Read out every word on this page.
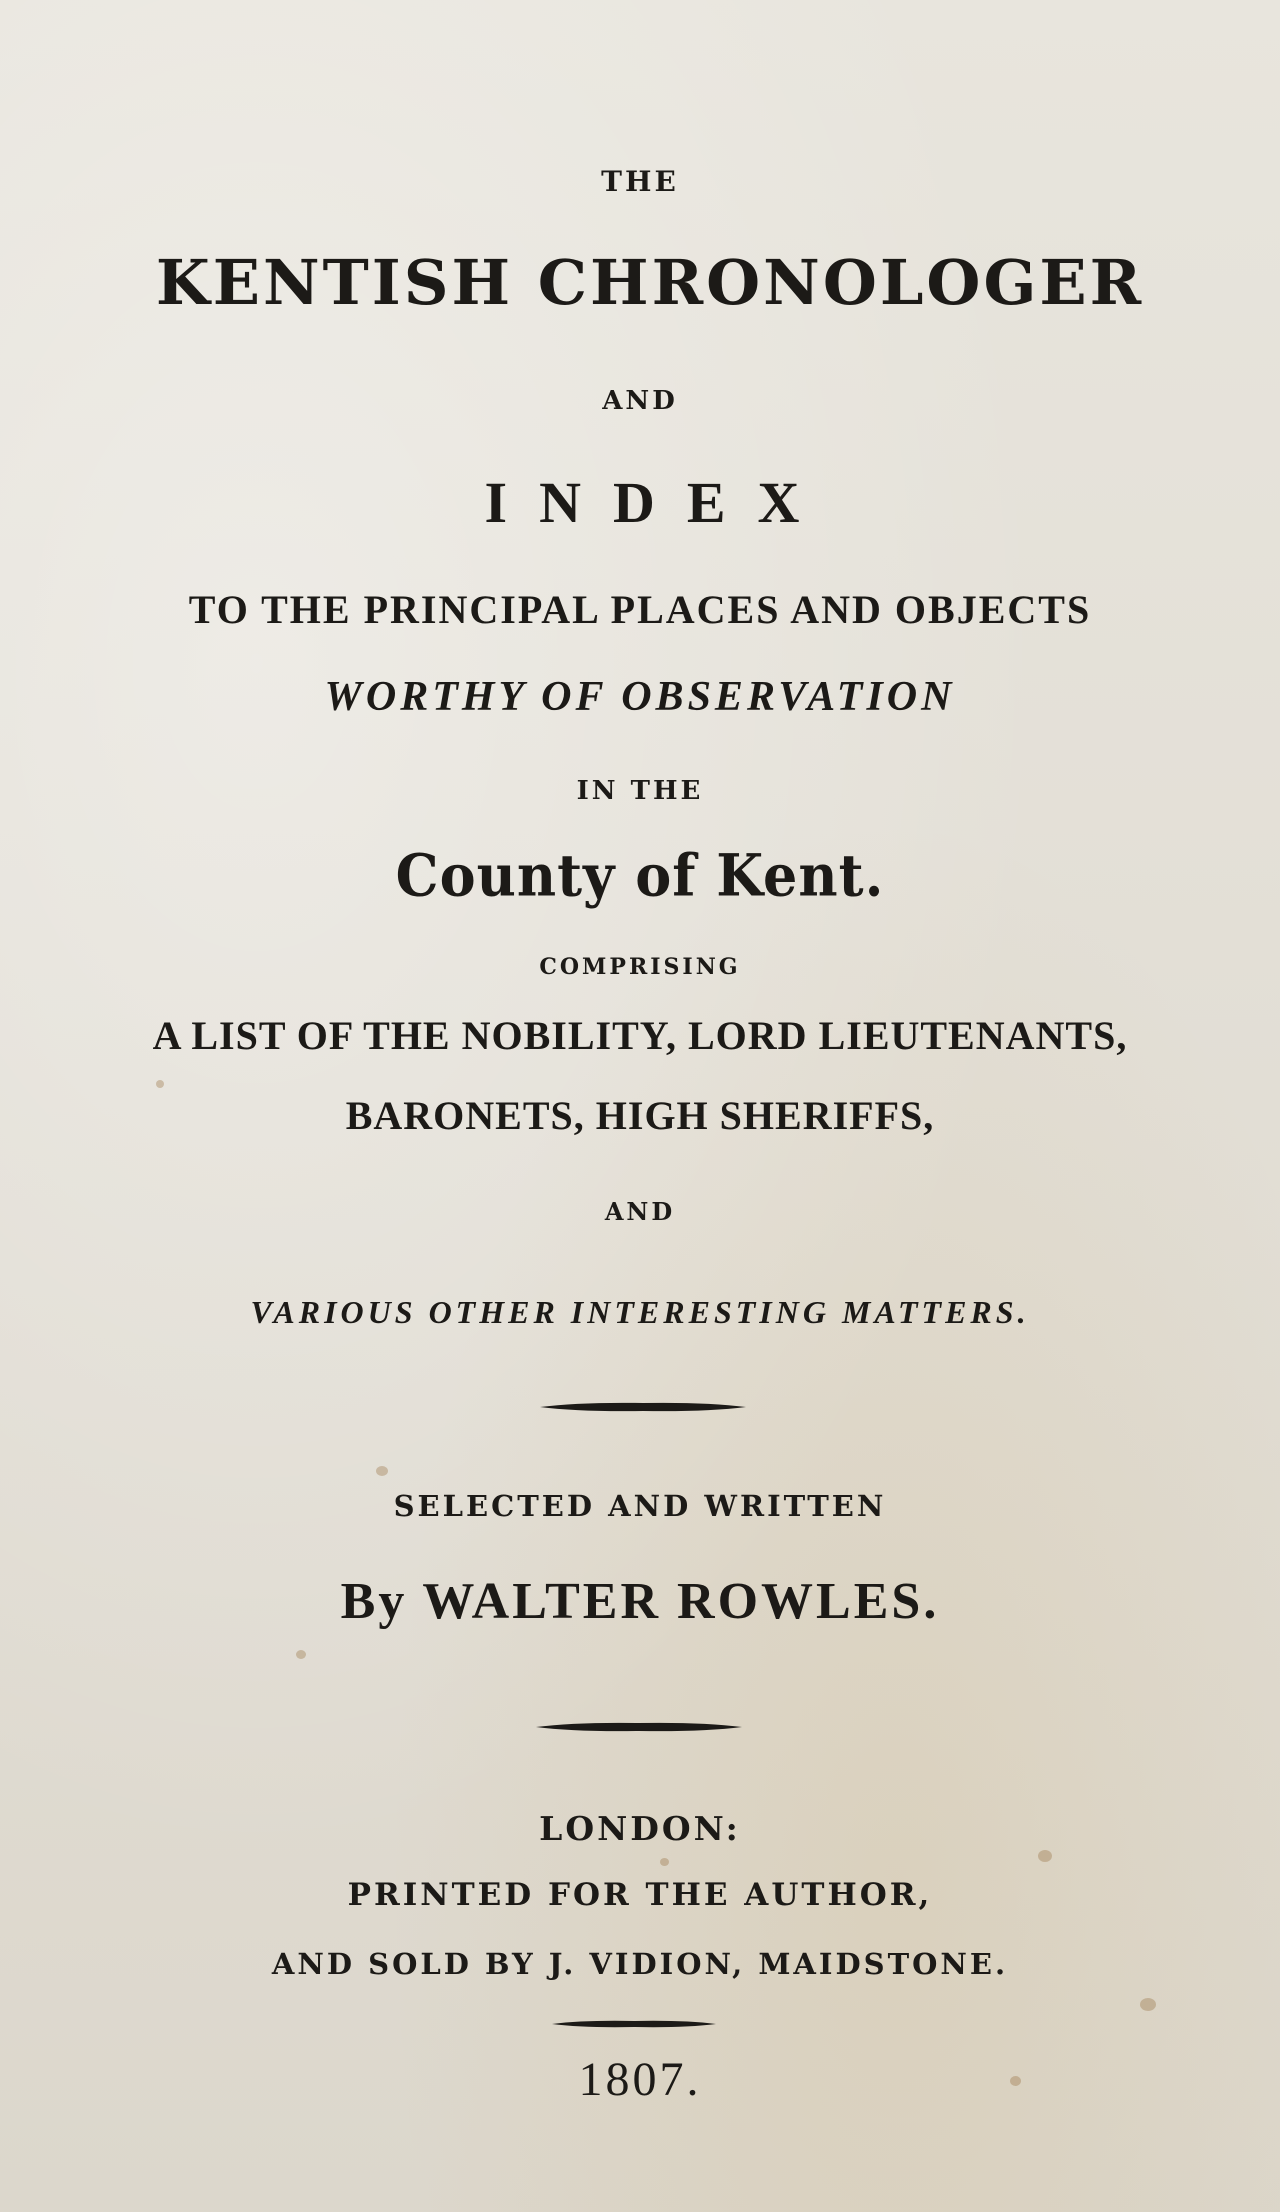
THE

KENTISH CHRONOLOGER

AND

INDEX

TO THE PRINCIPAL PLACES AND OBJECTS

WORTHY OF OBSERVATION

IN THE

County of Kent.

COMPRISING

A LIST OF THE NOBILITY, LORD LIEUTENANTS,

BARONETS, HIGH SHERIFFS,

AND

VARIOUS OTHER INTERESTING MATTERS.

SELECTED AND WRITTEN

By WALTER ROWLES.

LONDON:

PRINTED FOR THE AUTHOR,

AND SOLD BY J. VIDION, MAIDSTONE.

1807.
